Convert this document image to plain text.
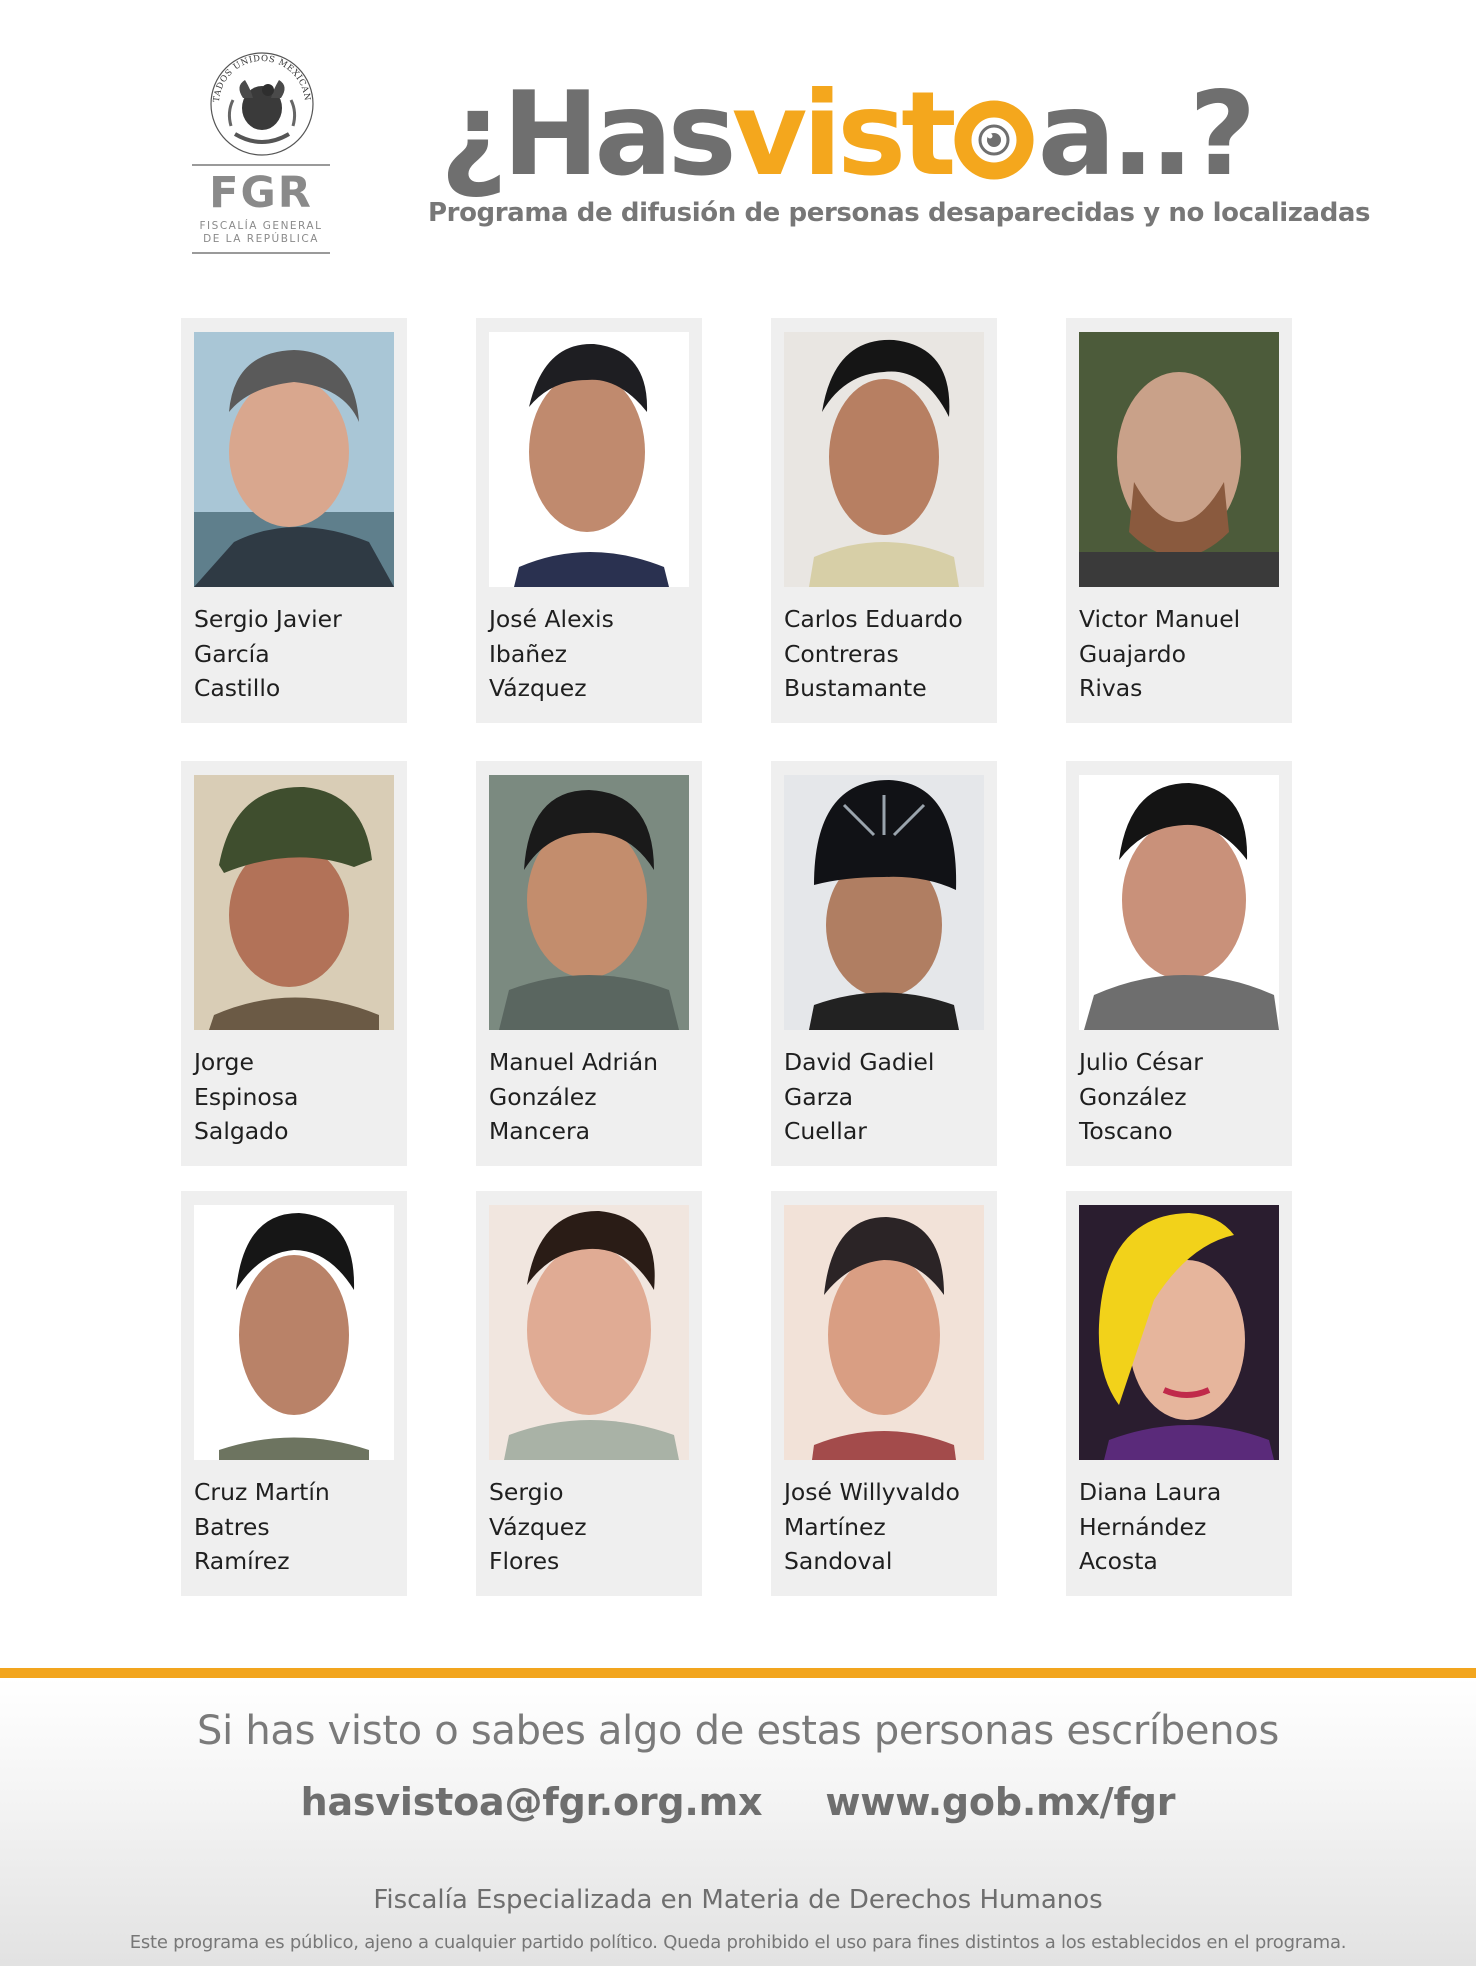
TADOS UNIDOS MEXICAN
FGR
FISCALÍA GENERAL
DE LA REPÚBLICA
¿Hasvist a..?
Programa de difusión de personas desaparecidas y no localizadas
Sergio Javier
García
Castillo
José Alexis
Ibañez
Vázquez
Carlos Eduardo
Contreras
Bustamante
Victor Manuel
Guajardo
Rivas
Jorge
Espinosa
Salgado
Manuel Adrián
González
Mancera
David Gadiel
Garza
Cuellar
Julio César
González
Toscano
Cruz Martín
Batres
Ramírez
Sergio
Vázquez
Flores
José Willyvaldo
Martínez
Sandoval
Diana Laura
Hernández
Acosta
Si has visto o sabes algo de estas personas escríbenos
hasvistoa@fgr.org.mx www.gob.mx/fgr
Fiscalía Especializada en Materia de Derechos Humanos
Este programa es público, ajeno a cualquier partido político. Queda prohibido el uso para fines distintos a los establecidos en el programa.
